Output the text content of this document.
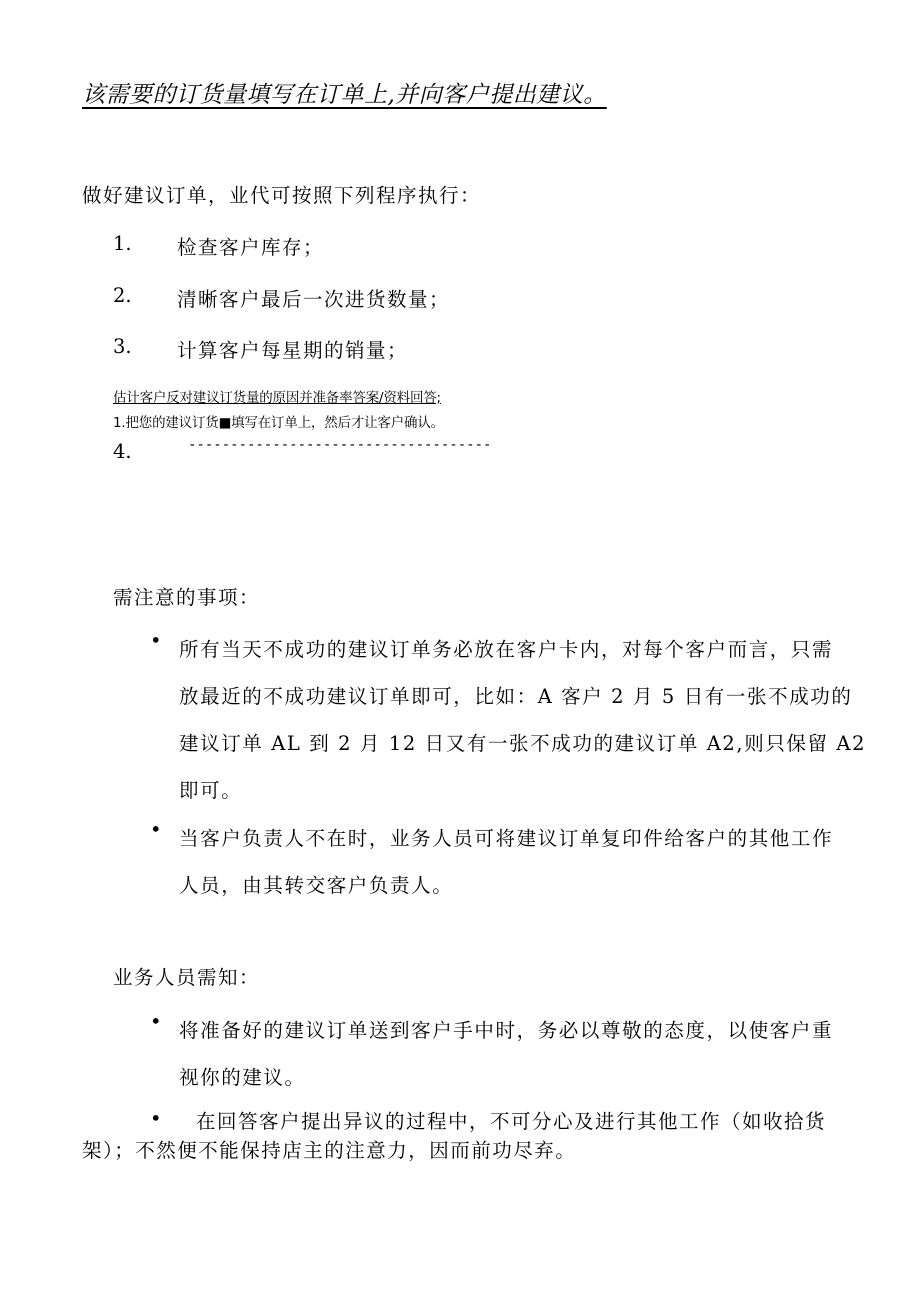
该需要的订货量填写在订单上,并向客户提出建议。
做好建议订单，业代可按照下列程序执行：
1. 检查客户库存；
2. 清晰客户最后一次进货数量；
3. 计算客户每星期的销量；
估计客户反对建议订货量的原因并准备率答案/资料回答;
1.把您的建议订货■填写在订单上，然后才让客户确认。
4.	------------------------------------
需注意的事项：
• 所有当天不成功的建议订单务必放在客户卡内，对每个客户而言，只需
放最近的不成功建议订单即可，比如：A 客户 2 月 5 日有一张不成功的
建议订单 AL 到 2 月 12 日又有一张不成功的建议订单 A2,则只保留 A2
即可。
• 当客户负责人不在时，业务人员可将建议订单复印件给客户的其他工作
人员，由其转交客户负责人。
业务人员需知：
• 将准备好的建议订单送到客户手中时，务必以尊敬的态度，以使客户重
视你的建议。
•	在回答客户提出异议的过程中，不可分心及进行其他工作（如收拾货
架）；不然便不能保持店主的注意力，因而前功尽弃。
